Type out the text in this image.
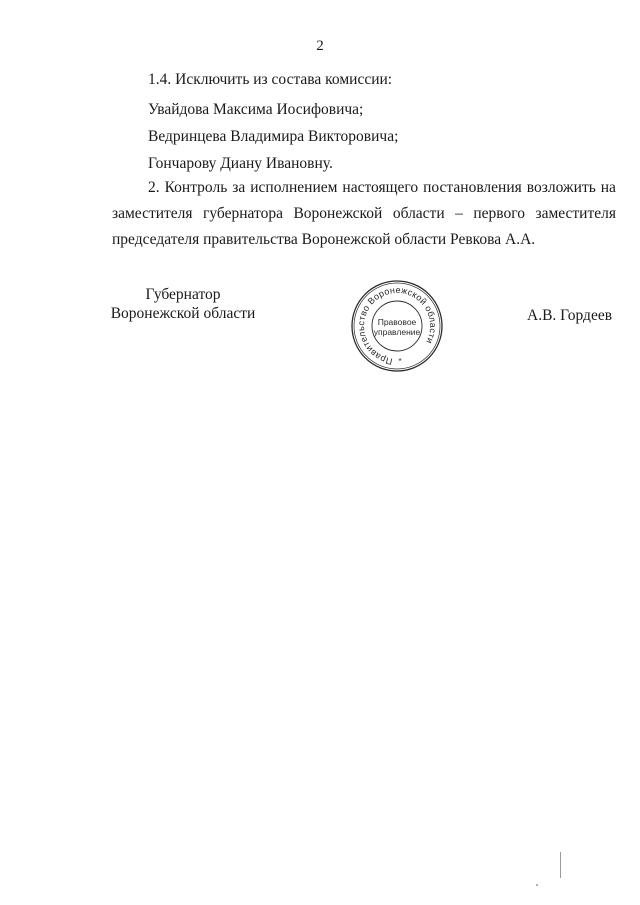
2
1.4. Исключить из состава комиссии:
Увайдова Максима Иосифовича;
Ведринцева Владимира Викторовича;
Гончарову Диану Ивановну.
2. Контроль за исполнением настоящего постановления возложить на
заместителя губернатора Воронежской области – первого заместителя
председателя правительства Воронежской области Ревкова А.А.
Губернатор
Воронежской области
Правительство Воронежской области
Правовое
управление
*
А.В. Гордеев
